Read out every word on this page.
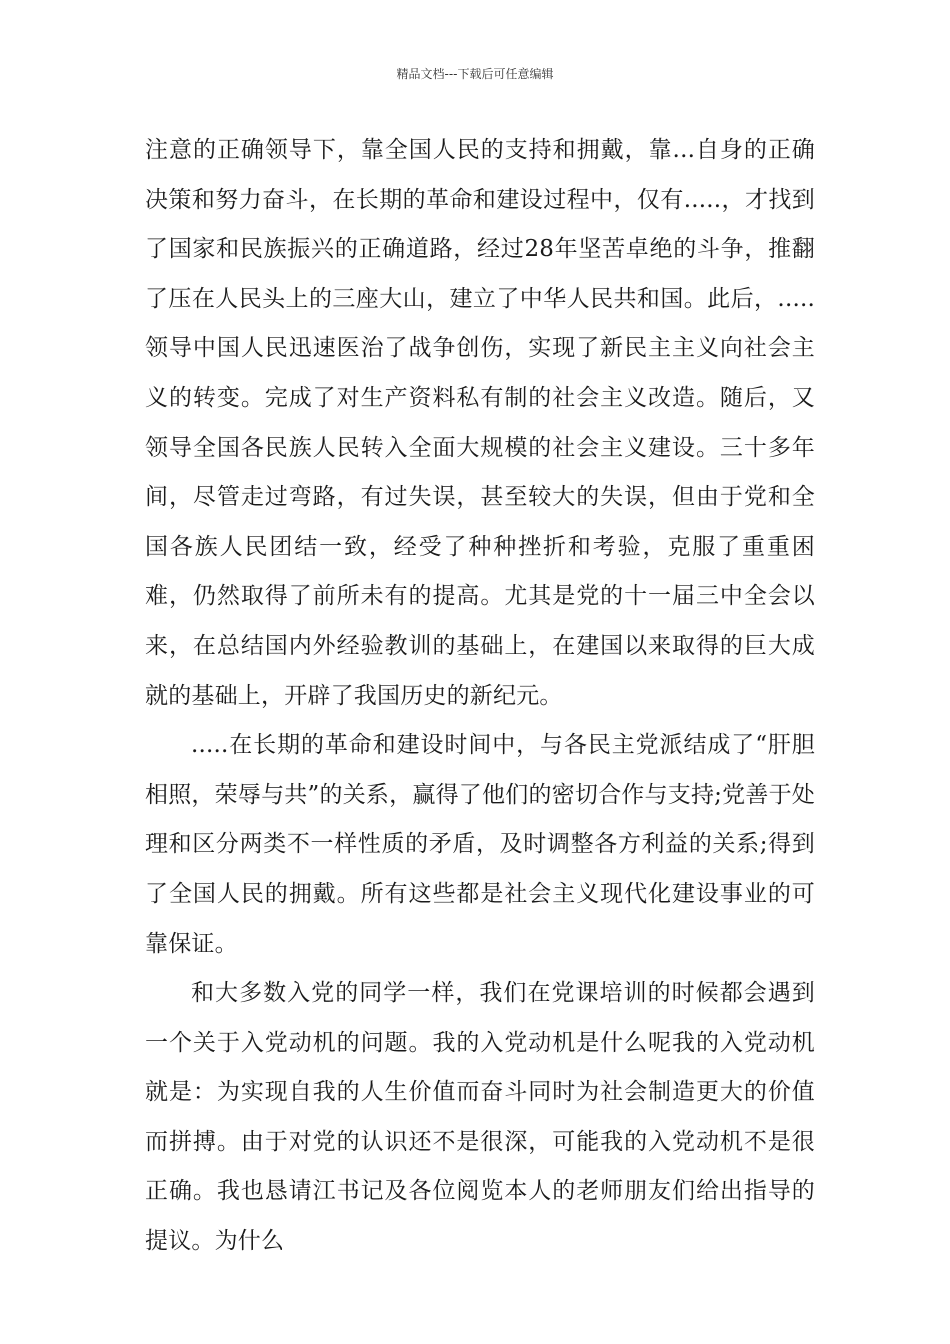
精品文档---下载后可任意编辑

注意的正确领导下，靠全国人民的支持和拥戴，靠...自身的正确决策和努力奋斗，在长期的革命和建设过程中，仅有.....，才找到了国家和民族振兴的正确道路，经过28年坚苦卓绝的斗争，推翻了压在人民头上的三座大山，建立了中华人民共和国。此后，.....领导中国人民迅速医治了战争创伤，实现了新民主主义向社会主义的转变。完成了对生产资料私有制的社会主义改造。随后，又领导全国各民族人民转入全面大规模的社会主义建设。三十多年间，尽管走过弯路，有过失误，甚至较大的失误，但由于党和全国各族人民团结一致，经受了种种挫折和考验，克服了重重困难，仍然取得了前所未有的提高。尤其是党的十一届三中全会以来，在总结国内外经验教训的基础上，在建国以来取得的巨大成就的基础上，开辟了我国历史的新纪元。

.....在长期的革命和建设时间中，与各民主党派结成了“肝胆相照，荣辱与共”的关系，赢得了他们的密切合作与支持;党善于处理和区分两类不一样性质的矛盾，及时调整各方利益的关系;得到了全国人民的拥戴。所有这些都是社会主义现代化建设事业的可靠保证。

和大多数入党的同学一样，我们在党课培训的时候都会遇到一个关于入党动机的问题。我的入党动机是什么呢我的入党动机就是：为实现自我的人生价值而奋斗同时为社会制造更大的价值而拼搏。由于对党的认识还不是很深，可能我的入党动机不是很正确。我也恳请江书记及各位阅览本人的老师朋友们给出指导的提议。为什么
